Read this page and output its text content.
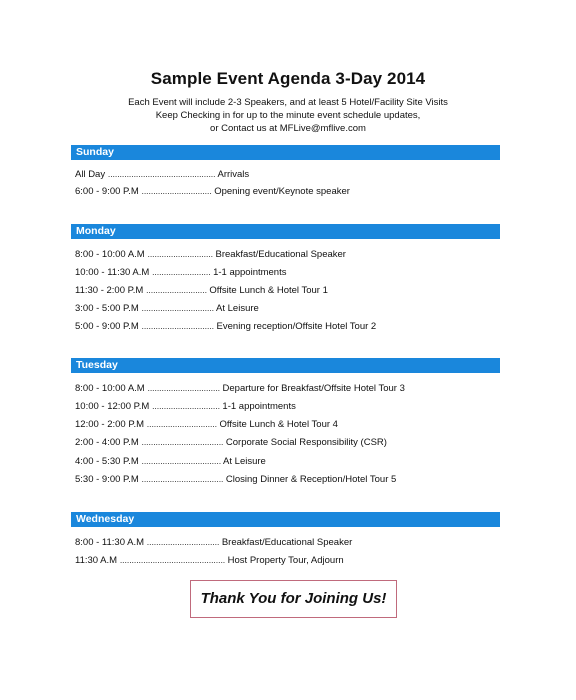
Sample Event Agenda 3-Day 2014
Each Event will include 2-3 Speakers, and at least 5 Hotel/Facility Site Visits
Keep Checking in for up to the minute event schedule updates,
or Contact us at MFLive@mflive.com
Sunday
All Day .............................................. Arrivals
6:00 - 9:00 P.M .............................. Opening event/Keynote speaker
Monday
8:00 - 10:00 A.M ............................ Breakfast/Educational Speaker
10:00 - 11:30 A.M ......................... 1-1 appointments
11:30 - 2:00 P.M .......................... Offsite Lunch & Hotel Tour 1
3:00 - 5:00 P.M ............................... At Leisure
5:00 - 9:00 P.M ............................... Evening reception/Offsite Hotel Tour 2
Tuesday
8:00 - 10:00 A.M ............................... Departure for Breakfast/Offsite Hotel Tour 3
10:00 - 12:00 P.M ............................. 1-1 appointments
12:00 - 2:00 P.M .............................. Offsite Lunch & Hotel Tour 4
2:00 - 4:00 P.M ................................... Corporate Social Responsibility (CSR)
4:00 - 5:30 P.M .................................. At Leisure
5:30 - 9:00 P.M ................................... Closing Dinner & Reception/Hotel Tour 5
Wednesday
8:00 - 11:30 A.M ............................... Breakfast/Educational Speaker
11:30 A.M ............................................. Host Property Tour, Adjourn
Thank You for Joining Us!
